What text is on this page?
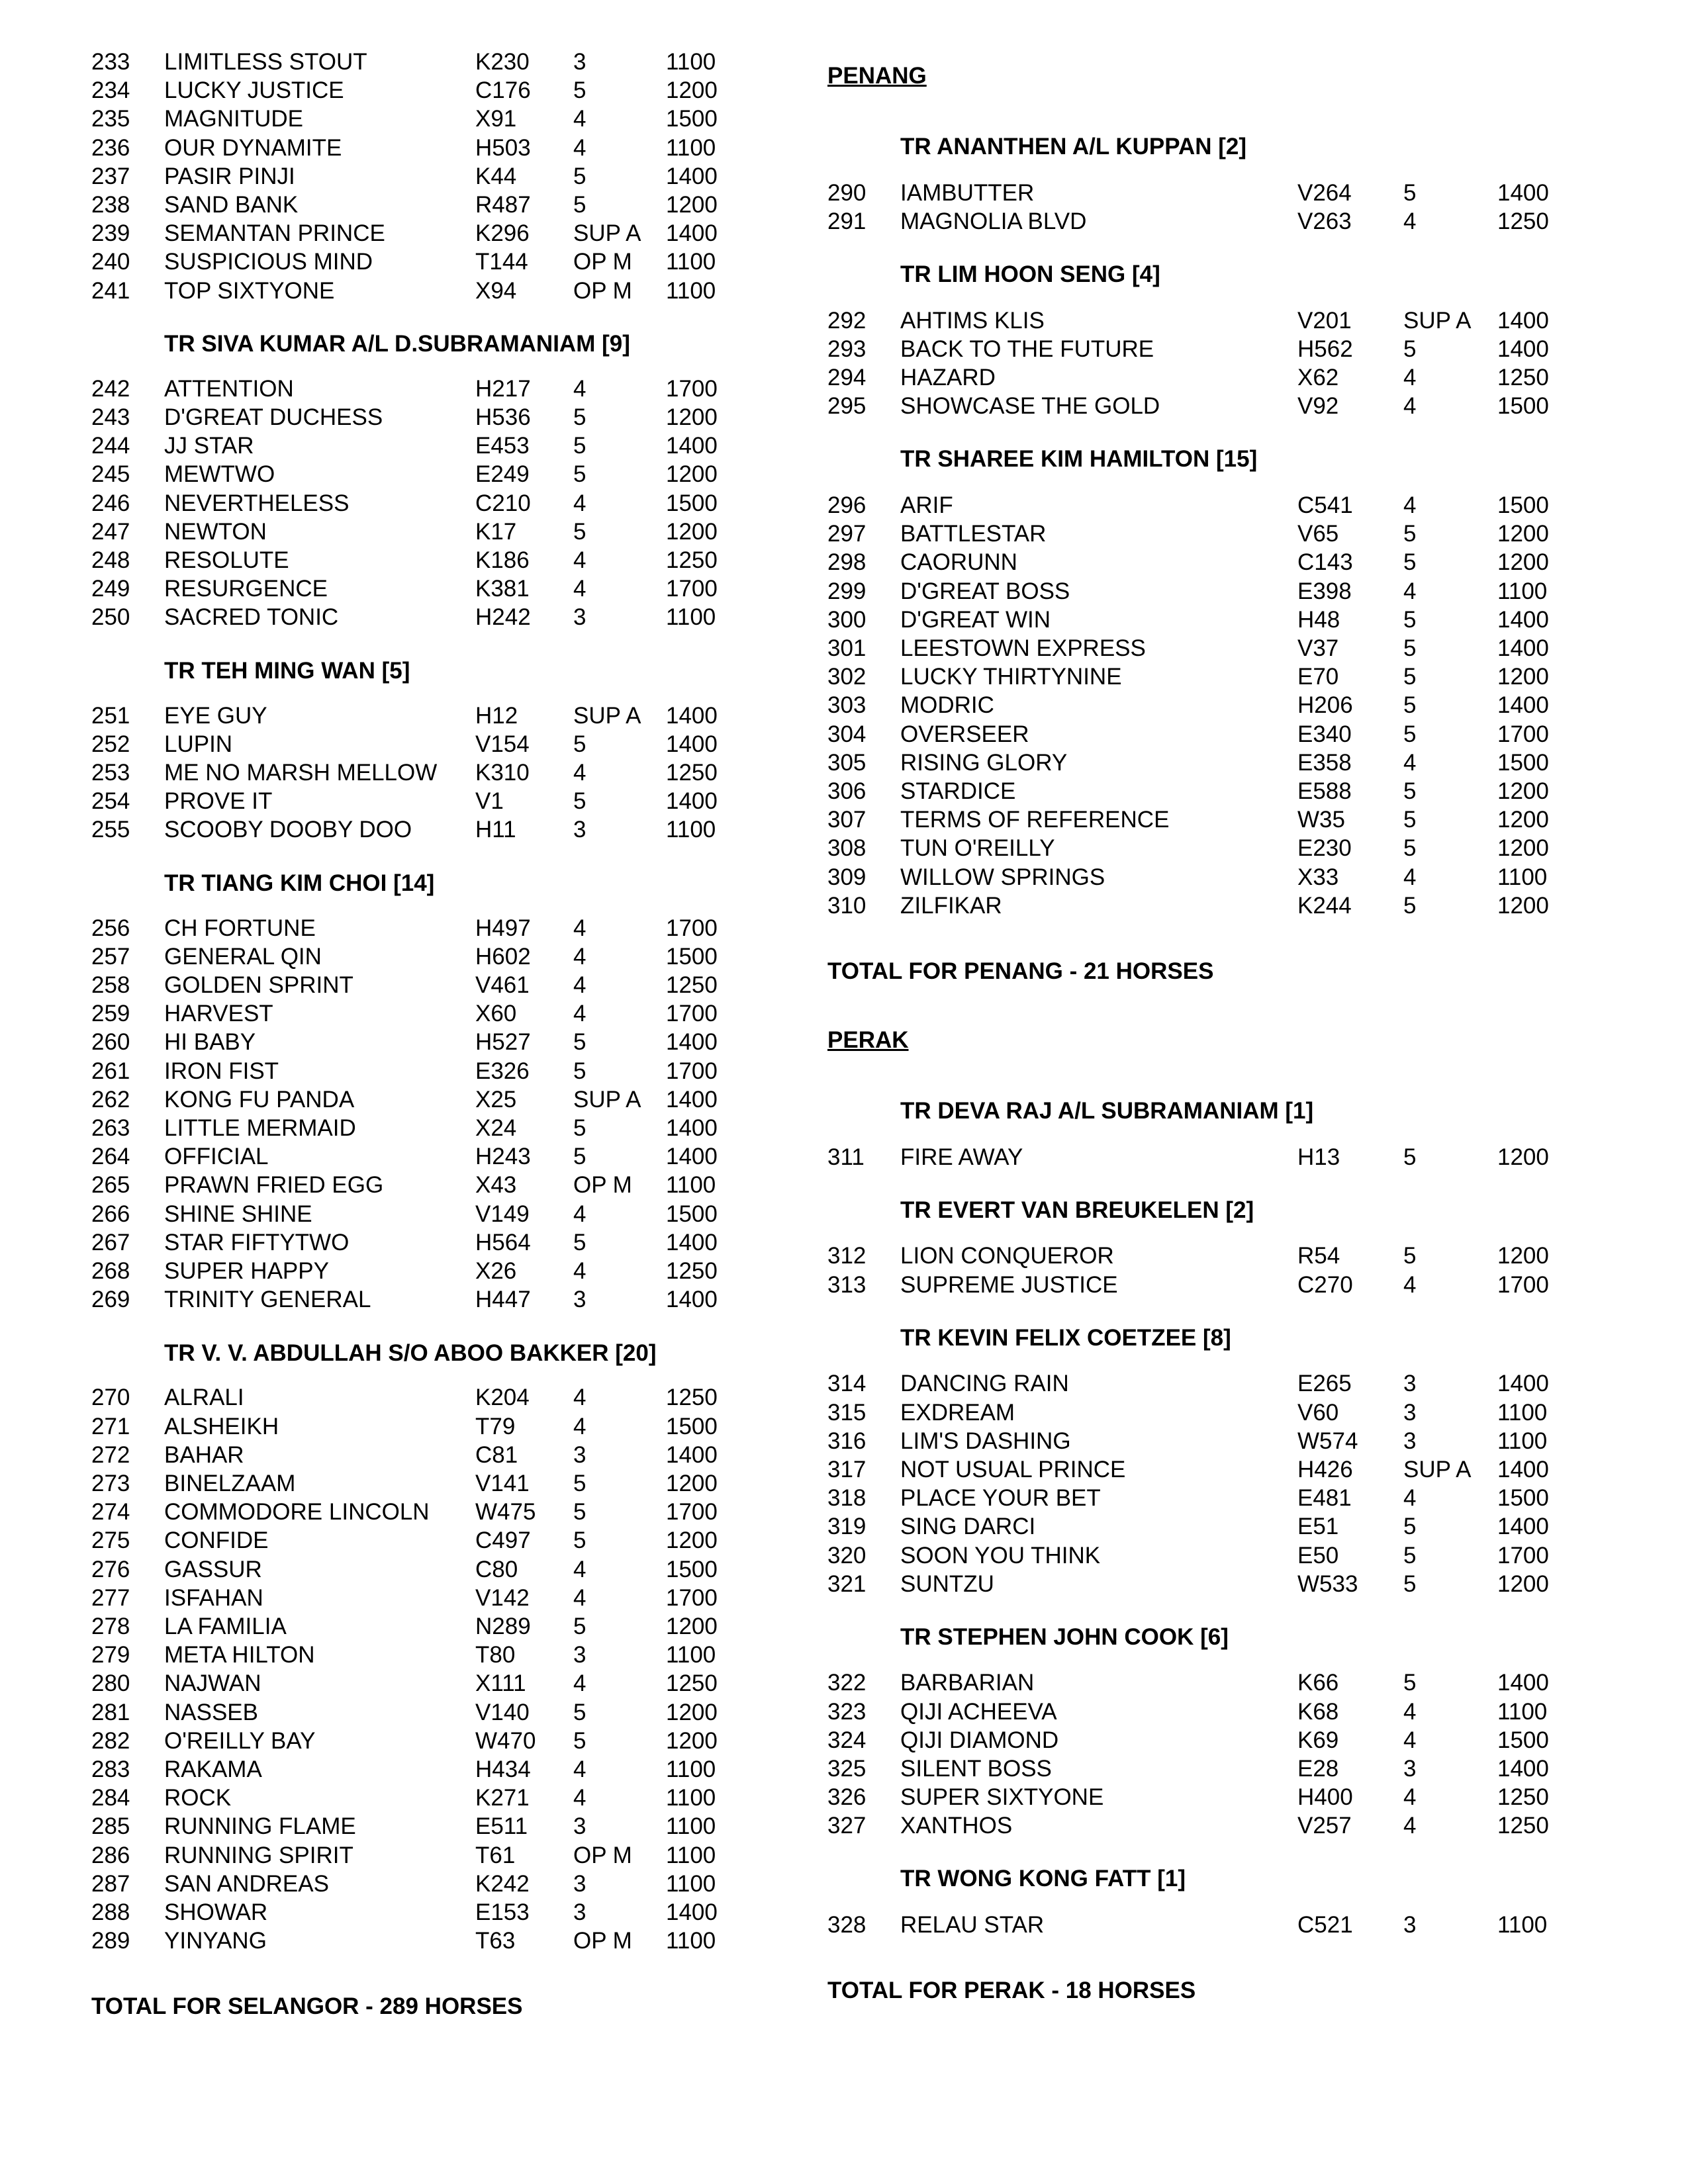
233 LIMITLESS STOUT	K230 3	1100
234 LUCKY JUSTICE	C176 5	1200
235 MAGNITUDE	X91 4	1500
236 OUR DYNAMITE	H503 4	1100
237 PASIR PINJI	K44 5	1400
238 SAND BANK	R487 5	1200
239 SEMANTAN PRINCE	K296 SUP A 1400
240 SUSPICIOUS MIND	T144 OP M 1100
241 TOP SIXTYONE	X94 OP M 1100
TR SIVA KUMAR A/L D.SUBRAMANIAM [9]
242 ATTENTION	H217 4	1700
243 D'GREAT DUCHESS	H536 5	1200
244 JJ STAR	E453 5	1400
245 MEWTWO	E249 5	1200
246 NEVERTHELESS	C210 4	1500
247 NEWTON	K17 5	1200
248 RESOLUTE	K186 4	1250
249 RESURGENCE	K381 4	1700
250 SACRED TONIC	H242 3	1100
TR TEH MING WAN [5]
251 EYE GUY	H12 SUP A 1400
252 LUPIN	V154 5	1400
253 ME NO MARSH MELLOW K310 4	1250
254 PROVE IT	V1	5	1400
255 SCOOBY DOOBY DOO	H11 3	1100
TR TIANG KIM CHOI [14]
256 CH FORTUNE	H497 4	1700
257 GENERAL QIN	H602 4	1500
258 GOLDEN SPRINT	V461 4	1250
259 HARVEST	X60 4	1700
260 HI BABY	H527 5	1400
261 IRON FIST	E326 5	1700
262 KONG FU PANDA	X25 SUP A 1400
263 LITTLE MERMAID	X24 5	1400
264 OFFICIAL	H243 5	1400
265 PRAWN FRIED EGG	X43 OP M 1100
266 SHINE SHINE	V149 4	1500
267 STAR FIFTYTWO	H564 5	1400
268 SUPER HAPPY	X26 4	1250
269 TRINITY GENERAL	H447 3	1400
TR V. V. ABDULLAH S/O ABOO BAKKER [20]
270 ALRALI	K204 4	1250
271 ALSHEIKH	T79	4	1500
272 BAHAR	C81 3	1400
273 BINELZAAM	V141 5	1200
274 COMMODORE LINCOLN W475 5	1700
275 CONFIDE	C497 5	1200
276 GASSUR	C80 4	1500
277 ISFAHAN	V142 4	1700
278 LA FAMILIA	N289 5	1200
279 META HILTON	T80	3	1100
280 NAJWAN	X111 4	1250
281 NASSEB	V140 5	1200
282 O'REILLY BAY	W470 5	1200
283 RAKAMA	H434 4	1100
284 ROCK	K271 4	1100
285 RUNNING FLAME	E511 3	1100
286 RUNNING SPIRIT	T61	OP M 1100
287 SAN ANDREAS	K242 3	1100
288 SHOWAR	E153 3	1400
289 YINYANG	T63	OP M 1100
TOTAL FOR SELANGOR - 289 HORSES
PENANG
TR ANANTHEN A/L KUPPAN [2]
290 IAMBUTTER	V264 5	1400
291 MAGNOLIA BLVD	V263 4	1250
TR LIM HOON SENG [4]
292 AHTIMS KLIS	V201 SUP A 1400
293 BACK TO THE FUTURE	H562 5	1400
294 HAZARD	X62	4	1250
295 SHOWCASE THE GOLD	V92	4	1500
TR SHAREE KIM HAMILTON [15]
296 ARIF	C541 4	1500
297 BATTLESTAR	V65	5	1200
298 CAORUNN	C143 5	1200
299 D'GREAT BOSS	E398 4	1100
300 D'GREAT WIN	H48	5	1400
301 LEESTOWN EXPRESS	V37	5	1400
302 LUCKY THIRTYNINE	E70	5	1200
303 MODRIC	H206 5	1400
304 OVERSEER	E340 5	1700
305 RISING GLORY	E358 4	1500
306 STARDICE	E588 5	1200
307 TERMS OF REFERENCE	W35	5	1200
308 TUN O'REILLY	E230 5	1200
309 WILLOW SPRINGS	X33	4	1100
310 ZILFIKAR	K244 5	1200
TOTAL FOR PENANG - 21 HORSES
PERAK
TR DEVA RAJ A/L SUBRAMANIAM [1]
311 FIRE AWAY	H13	5	1200
TR EVERT VAN BREUKELEN [2]
312 LION CONQUEROR	R54	5	1200
313 SUPREME JUSTICE	C270 4	1700
TR KEVIN FELIX COETZEE [8]
314 DANCING RAIN	E265 3	1400
315 EXDREAM	V60	3	1100
316 LIM'S DASHING	W574 3	1100
317 NOT USUAL PRINCE	H426 SUP A 1400
318 PLACE YOUR BET	E481 4	1500
319 SING DARCI	E51	5	1400
320 SOON YOU THINK	E50	5	1700
321 SUNTZU	W533 5	1200
TR STEPHEN JOHN COOK [6]
322 BARBARIAN	K66	5	1400
323 QIJI ACHEEVA	K68	4	1100
324 QIJI DIAMOND	K69	4	1500
325 SILENT BOSS	E28	3	1400
326 SUPER SIXTYONE	H400 4	1250
327 XANTHOS	V257 4	1250
TR WONG KONG FATT [1]
328 RELAU STAR	C521 3	1100
TOTAL FOR PERAK - 18 HORSES
